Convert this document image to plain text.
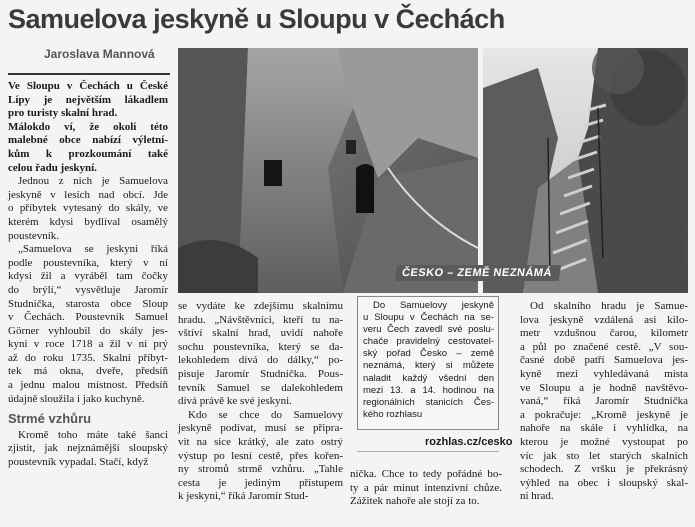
Samuelova jeskyně u Sloupu v Čechách
Jaroslava Mannová
Ve Sloupu v Čechách u České
Lípy je největším lákadlem
pro turisty skalní hrad.
Málokdo ví, že okolí této
malebné obce nabízí výletní-
kům k prozkoumání také
celou řadu jeskyní.
Jednou z nich je Samuelova
jeskyně v lesích nad obcí. Jde
o příbytek vytesaný do skály, ve
kterém kdysi bydlíval osamělý
poustevník.
„Samuelova se jeskyni říká
podle poustevníka, který v ní
kdysi žil a vyráběl tam čočky
do brýlí,“ vysvětluje Jaromír
Studnička, starosta obce Sloup
v Čechách. Poustevník Samuel
Görner vyhloubil do skály jes-
kyni v roce 1718 a žil v ní prý
až do roku 1735. Skalní příbyt-
tek má okna, dveře, předsíň
a jednu malou místnost. Předsíň
údajně sloužila i jako kuchyně.
Strmé vzhůru
Kromě toho máte také šanci
zjistit, jak nejznámější sloupský
poustevník vypadal. Stačí, když
ČESKO – ZEMĚ NEZNÁMÁ	Foto: Jaroslava Mannová (2)
se vydáte ke zdejšímu skalnímu
hradu. „Návštěvníci, kteří tu na-
vštíví skalní hrad, uvidí nahoře
sochu poustevníka, který se da-
lekohledem dívá do dálky,“ po-
pisuje Jaromír Studnička. Pous-
tevník Samuel se dalekohledem
dívá právě ke své jeskyni.
Kdo se chce do Samuelovy
jeskyně podívat, musí se připra-
vit na sice krátký, ale zato ostrý
výstup po lesní cestě, přes kořen-
ny stromů strmě vzhůru. „Tahle
cesta je jediným přístupem
k jeskyni,“ říká Jaromír Stud-
Do Samuelovy jeskyně
u Sloupu v Čechách na se-
veru Čech zavedl své poslu-
chače pravidelný cestovatel-
ský pořad Česko – země
neznámá, který si můžete
naladit každý všední den
mezi 13. a 14. hodinou na
regionálních stanicích Čes-
kého rozhlasu
rozhlas.cz/cesko
nička. Chce to tedy pořádné bo-
ty a pár minut intenzivní chůze.
Zážitek nahoře ale stojí za to.
Od skalního hradu je Samue-
lova jeskyně vzdálená asi kilo-
metr vzdušnou čarou, kilometr
a půl po značené cestě. „V sou-
časné době patří Samuelova jes-
kyně mezi vyhledávaná místa
ve Sloupu a je hodně navštěvo-
vaná,“ říká Jaromír Studnička
a pokračuje: „Kromě jeskyně je
nahoře na skále i vyhlídka, na
kterou je možné vystoupat po
víc jak sto let starých skalních
schodech. Z vršku je překrásný
výhled na obec i sloupský skal-
ní hrad.
